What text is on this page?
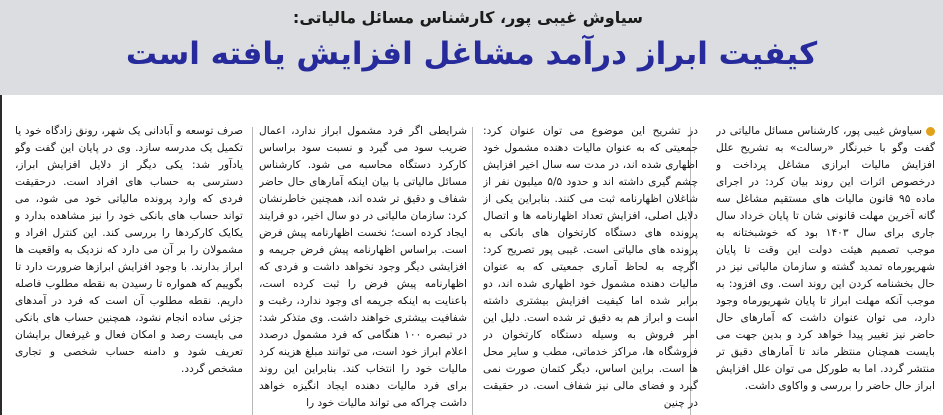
سیاوش غیبی پور، کارشناس مسائل مالیاتی:
کیفیت ابراز درآمد مشاغل افزایش یافته است

سیاوش غیبی پور، کارشناس مسائل مالیاتی در گفت وگو با خبرنگار «رسالت» به تشریح علل افزایش مالیات ابرازی مشاغل پرداخت و درخصوص اثرات این روند بیان کرد: در اجرای ماده ۹۵ قانون مالیات های مستقیم مشاغل سه گانه آخرین مهلت قانونی شان تا پایان خرداد سال جاری برای سال ۱۴۰۳ بود که خوشبختانه به موجب تصمیم هیئت دولت این وقت تا پایان شهریورماه تمدید گشته و سازمان مالیاتی نیز در حال بخشنامه کردن این روند است. وی افزود: به موجب آنکه مهلت ابراز تا پایان شهریورماه وجود دارد، می توان عنوان داشت که آمارهای حال حاضر نیز تغییر پیدا خواهد کرد و بدین جهت می بایست همچنان منتظر ماند تا آمارهای دقیق تر منتشر گردد. اما به طورکل می توان علل افزایش ابراز حال حاضر را بررسی و واکاوی داشت.

در تشریح این موضوع می توان عنوان کرد: جمعیتی که به عنوان مالیات دهنده مشمول خود اظهاری شده اند، در مدت سه سال اخیر افزایش چشم گیری داشته اند و حدود ۵/۵ میلیون نفر از شاغلان اظهارنامه ثبت می کنند. بنابراین یکی از دلایل اصلی، افزایش تعداد اظهارنامه ها و اتصال پرونده های دستگاه کارتخوان های بانکی به پرونده های مالیاتی است. غیبی پور تصریح کرد: اگرچه به لحاظ آماری جمعیتی که به عنوان مالیات دهنده مشمول خود اظهاری شده اند، دو برابر شده اما کیفیت افزایش بیشتری داشته است و ابراز هم به دقیق تر شده است. دلیل این امر فروش به وسیله دستگاه کارتخوان در فروشگاه ها، مراکز خدماتی، مطب و سایر محل ها است. براین اساس، دیگر کتمان صورت نمی گیرد و فضای مالی نیز شفاف است. در حقیقت در چنین

شرایطی اگر فرد مشمول ابراز ندارد، اعمال ضریب سود می گیرد و نسبت سود براساس کارکرد دستگاه محاسبه می شود. کارشناس مسائل مالیاتی با بیان اینکه آمارهای حال حاضر شفاف و دقیق تر شده اند، همچنین خاطرنشان کرد: سازمان مالیاتی در دو سال اخیر، دو فرایند ایجاد کرده است؛ نخست اظهارنامه پیش فرض است. براساس اظهارنامه پیش فرض جریمه و افزایشی دیگر وجود نخواهد داشت و فردی که اظهارنامه پیش فرض را ثبت کرده است، باعنایت به اینکه جریمه ای وجود ندارد، رغبت و شفافیت بیشتری خواهند داشت. وی متذکر شد: در تبصره ۱۰۰ هنگامی که فرد مشمول درصدد اعلام ابراز خود است، می توانند مبلغ هزینه کرد مالیات خود را انتخاب کند. بنابراین این روند برای فرد مالیات دهنده ایجاد انگیزه خواهد داشت چراکه می تواند مالیات خود را

صرف توسعه و آبادانی یک شهر، رونق زادگاه خود یا تکمیل یک مدرسه سازد. وی در پایان این گفت وگو یادآور شد: یکی دیگر از دلایل افزایش ابراز، دسترسی به حساب های افراد است. درحقیقت فردی که وارد پرونده مالیاتی خود می شود، می تواند حساب های بانکی خود را نیز مشاهده بدارد و یکایک کارکردها را بررسی کند. این کنترل افراد و مشمولان را بر آن می دارد که نزدیک به واقعیت ها ابراز بدارند. با وجود افزایش ابرازها ضرورت دارد تا بگوییم که همواره تا رسیدن به نقطه مطلوب فاصله داریم. نقطه مطلوب آن است که فرد در آمدهای جزئی ساده انجام نشود، همچنین حساب های بانکی می بایست رصد و امکان فعال و غیرفعال برایشان تعریف شود و دامنه حساب شخصی و تجاری مشخص گردد.
